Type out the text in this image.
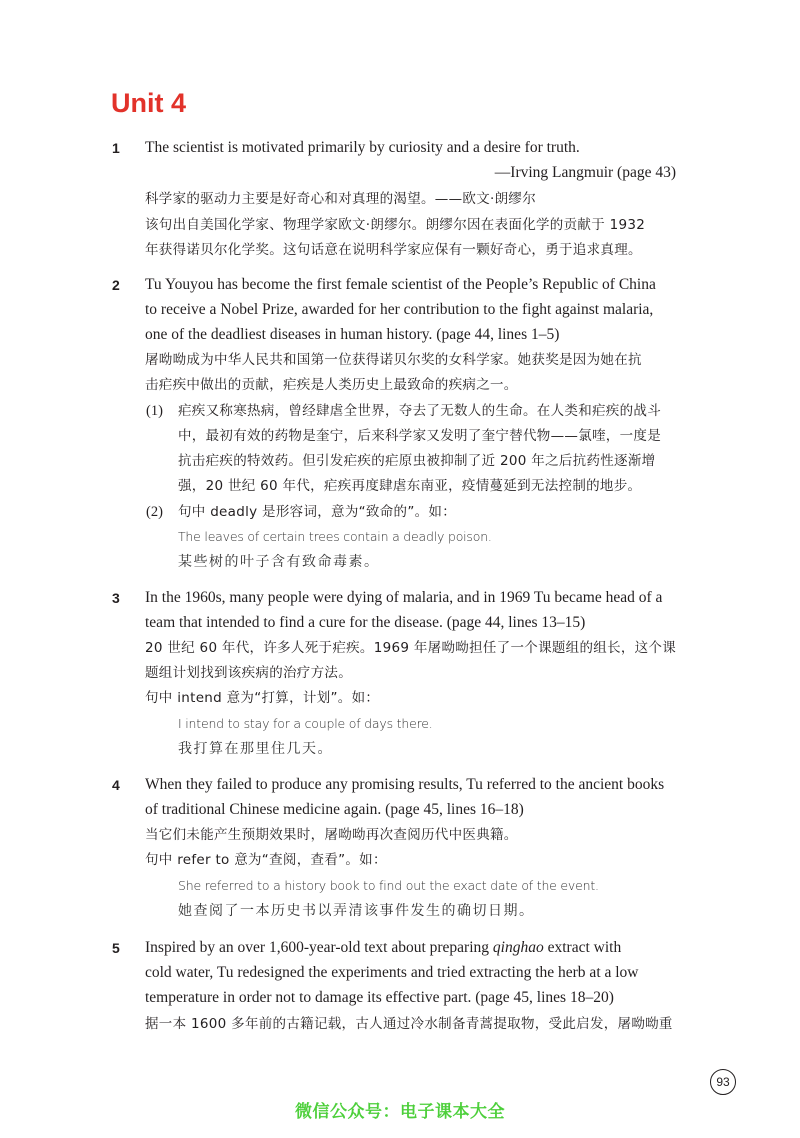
Unit 4
1 The scientist is motivated primarily by curiosity and a desire for truth.
—Irving Langmuir (page 43)
科学家的驱动力主要是好奇心和对真理的渴望。——欧文·朗缪尔
该句出自美国化学家、物理学家欧文·朗缪尔。朗缪尔因在表面化学的贡献于 1932
年获得诺贝尔化学奖。这句话意在说明科学家应保有一颗好奇心，勇于追求真理。
2 Tu Youyou has become the first female scientist of the People’s Republic of China
to receive a Nobel Prize, awarded for her contribution to the fight against malaria,
one of the deadliest diseases in human history. (page 44, lines 1–5)
屠呦呦成为中华人民共和国第一位获得诺贝尔奖的女科学家。她获奖是因为她在抗
击疟疾中做出的贡献，疟疾是人类历史上最致命的疾病之一。
(1) 疟疾又称寒热病，曾经肆虐全世界，夺去了无数人的生命。在人类和疟疾的战斗
中，最初有效的药物是奎宁，后来科学家又发明了奎宁替代物——氯喹，一度是
抗击疟疾的特效药。但引发疟疾的疟原虫被抑制了近 200 年之后抗药性逐渐增
强，20 世纪 60 年代，疟疾再度肆虐东南亚，疫情蔓延到无法控制的地步。
(2) 句中 deadly 是形容词，意为“致命的”。如：
The leaves of certain trees contain a deadly poison.
某些树的叶子含有致命毒素。
3 In the 1960s, many people were dying of malaria, and in 1969 Tu became head of a
team that intended to find a cure for the disease. (page 44, lines 13–15)
20 世纪 60 年代，许多人死于疟疾。1969 年屠呦呦担任了一个课题组的组长，这个课
题组计划找到该疾病的治疗方法。
句中 intend 意为“打算，计划”。如：
I intend to stay for a couple of days there.
我打算在那里住几天。
4 When they failed to produce any promising results, Tu referred to the ancient books
of traditional Chinese medicine again. (page 45, lines 16–18)
当它们未能产生预期效果时，屠呦呦再次查阅历代中医典籍。
句中 refer to 意为“查阅，查看”。如：
She referred to a history book to find out the exact date of the event.
她查阅了一本历史书以弄清该事件发生的确切日期。
5 Inspired by an over 1,600-year-old text about preparing qinghao extract with
cold water, Tu redesigned the experiments and tried extracting the herb at a low
temperature in order not to damage its effective part. (page 45, lines 18–20)
据一本 1600 多年前的古籍记载，古人通过冷水制备青蒿提取物，受此启发，屠呦呦重
93
微信公众号：电子课本大全
